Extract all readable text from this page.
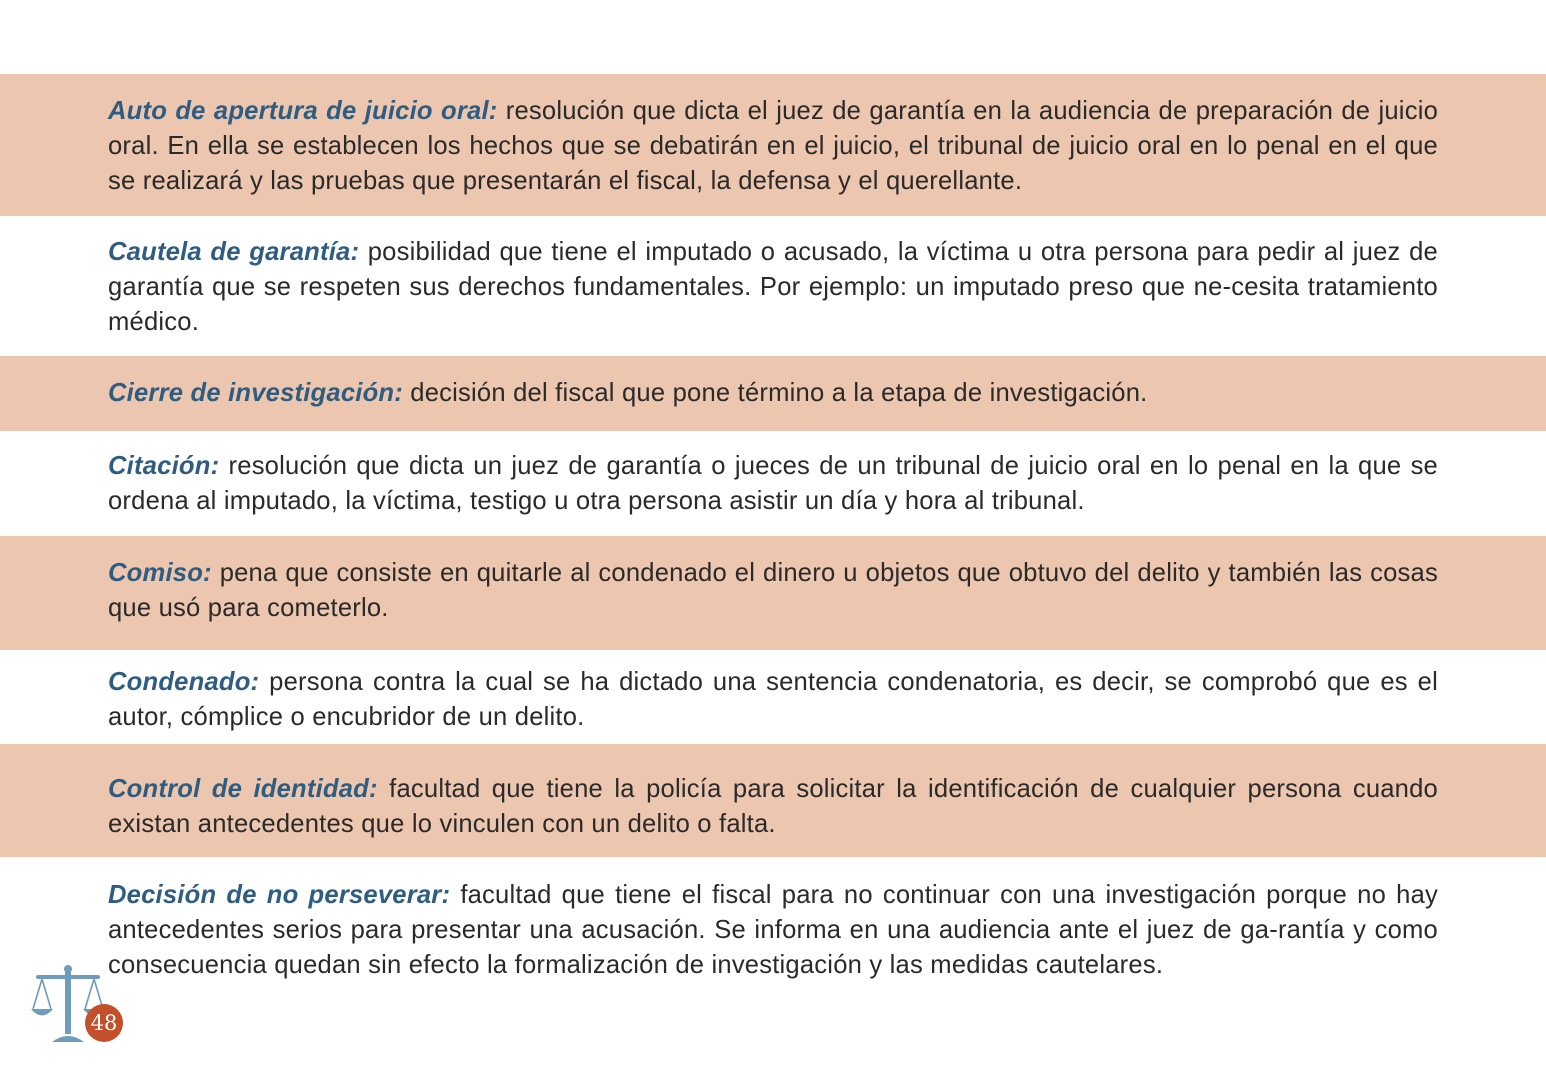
Auto de apertura de juicio oral: resolución que dicta el juez de garantía en la audiencia de preparación de juicio oral. En ella se establecen los hechos que se debatirán en el juicio, el tribunal de juicio oral en lo penal en el que se realizará y las pruebas que presentarán el fiscal, la defensa y el querellante.

Cautela de garantía: posibilidad que tiene el imputado o acusado, la víctima u otra persona para pedir al juez de garantía que se respeten sus derechos fundamentales. Por ejemplo: un imputado preso que ne-cesita tratamiento médico.

Cierre de investigación: decisión del fiscal que pone término a la etapa de investigación.

Citación: resolución que dicta un juez de garantía o jueces de un tribunal de juicio oral en lo penal en la que se ordena al imputado, la víctima, testigo u otra persona asistir un día y hora al tribunal.

Comiso: pena que consiste en quitarle al condenado el dinero u objetos que obtuvo del delito y también las cosas que usó para cometerlo.

Condenado: persona contra la cual se ha dictado una sentencia condenatoria, es decir, se comprobó que es el autor, cómplice o encubridor de un delito.

Control de identidad: facultad que tiene la policía para solicitar la identificación de cualquier persona cuando existan antecedentes que lo vinculen con un delito o falta.

Decisión de no perseverar: facultad que tiene el fiscal para no continuar con una investigación porque no hay antecedentes serios para presentar una acusación. Se informa en una audiencia ante el juez de ga-rantía y como consecuencia quedan sin efecto la formalización de investigación y las medidas cautelares.

48
